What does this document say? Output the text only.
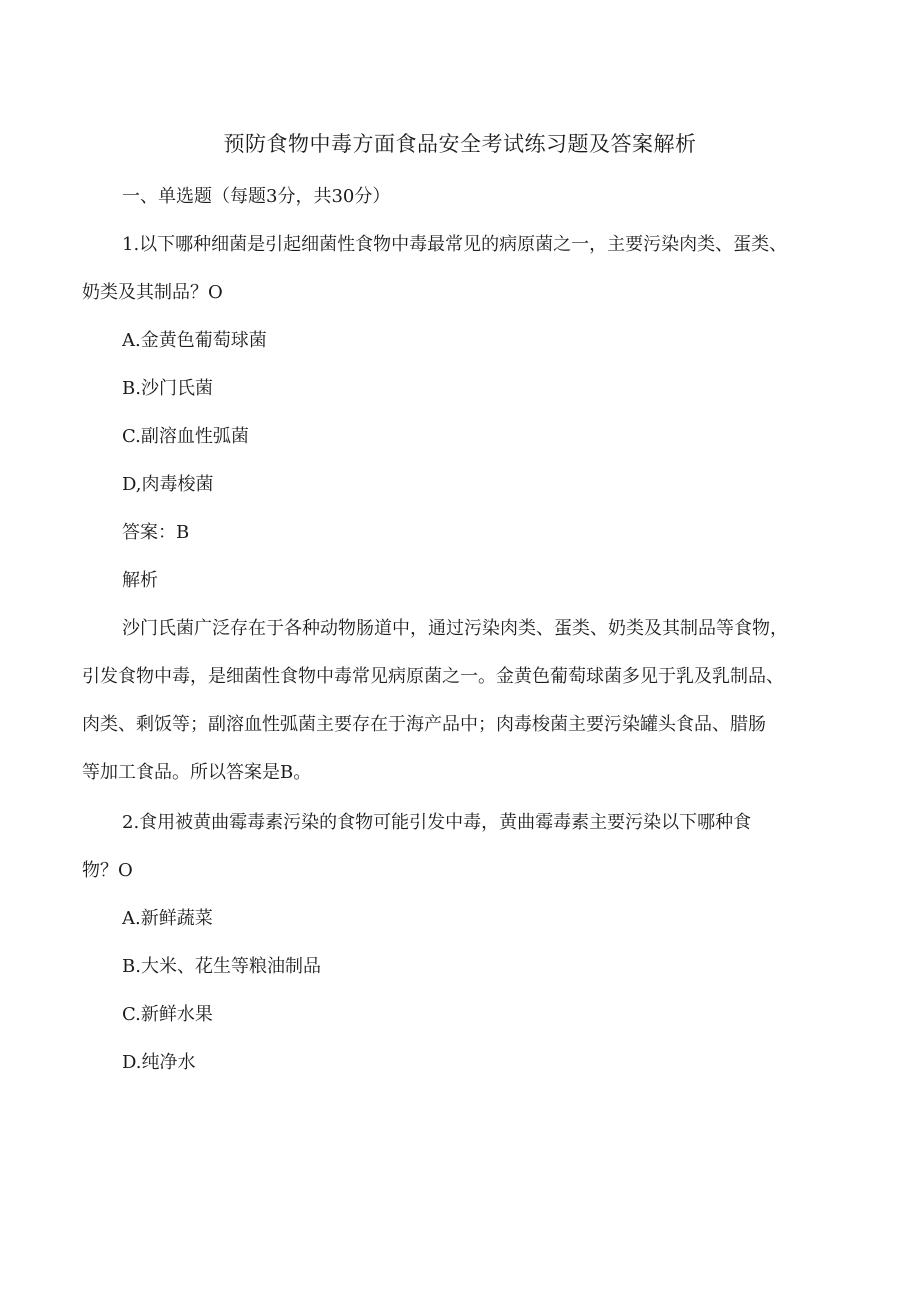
预防食物中毒方面食品安全考试练习题及答案解析
一、单选题（每题3分，共30分）
1.以下哪种细菌是引起细菌性食物中毒最常见的病原菌之一，主要污染肉类、蛋类、
奶类及其制品？O
A.金黄色葡萄球菌
B.沙门氏菌
C.副溶血性弧菌
D,肉毒梭菌
答案：B
解析
沙门氏菌广泛存在于各种动物肠道中，通过污染肉类、蛋类、奶类及其制品等食物，
引发食物中毒，是细菌性食物中毒常见病原菌之一。金黄色葡萄球菌多见于乳及乳制品、
肉类、剩饭等；副溶血性弧菌主要存在于海产品中；肉毒梭菌主要污染罐头食品、腊肠
等加工食品。所以答案是B。
2.食用被黄曲霉毒素污染的食物可能引发中毒，黄曲霉毒素主要污染以下哪种食
物？O
A.新鲜蔬菜
B.大米、花生等粮油制品
C.新鲜水果
D.纯净水
